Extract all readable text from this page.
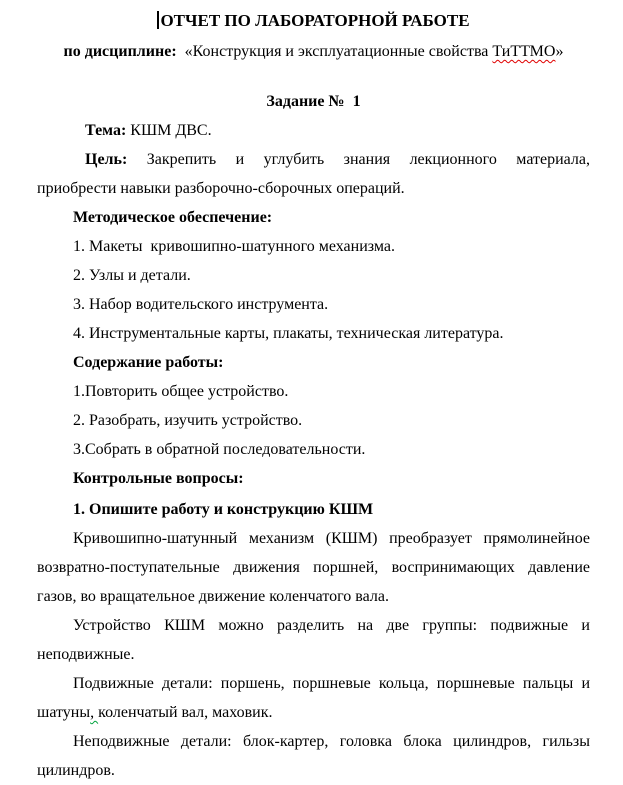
ОТЧЕТ ПО ЛАБОРАТОРНОЙ РАБОТЕ
по дисциплине:  «Конструкция и эксплуатационные свойства ТиТТМО»
Задание №  1
Тема: КШМ ДВС.
Цель: Закрепить и углубить знания лекционного материала,
приобрести навыки разборочно-сборочных операций.
Методическое обеспечение:
1. Макеты  кривошипно-шатунного механизма.
2. Узлы и детали.
3. Набор водительского инструмента.
4. Инструментальные карты, плакаты, техническая литература.
Содержание работы:
1.Повторить общее устройство.
2. Разобрать, изучить устройство.
3.Собрать в обратной последовательности.
Контрольные вопросы:
1. Опишите работу и конструкцию КШМ
Кривошипно-шатунный механизм (КШМ) преобразует прямолинейное
возвратно-поступательные движения поршней, воспринимающих давление
газов, во вращательное движение коленчатого вала.
Устройство КШМ можно разделить на две группы: подвижные и
неподвижные.
Подвижные детали: поршень, поршневые кольца, поршневые пальцы и
шатуны, коленчатый вал, маховик.
Неподвижные детали: блок-картер, головка блока цилиндров, гильзы
цилиндров.
